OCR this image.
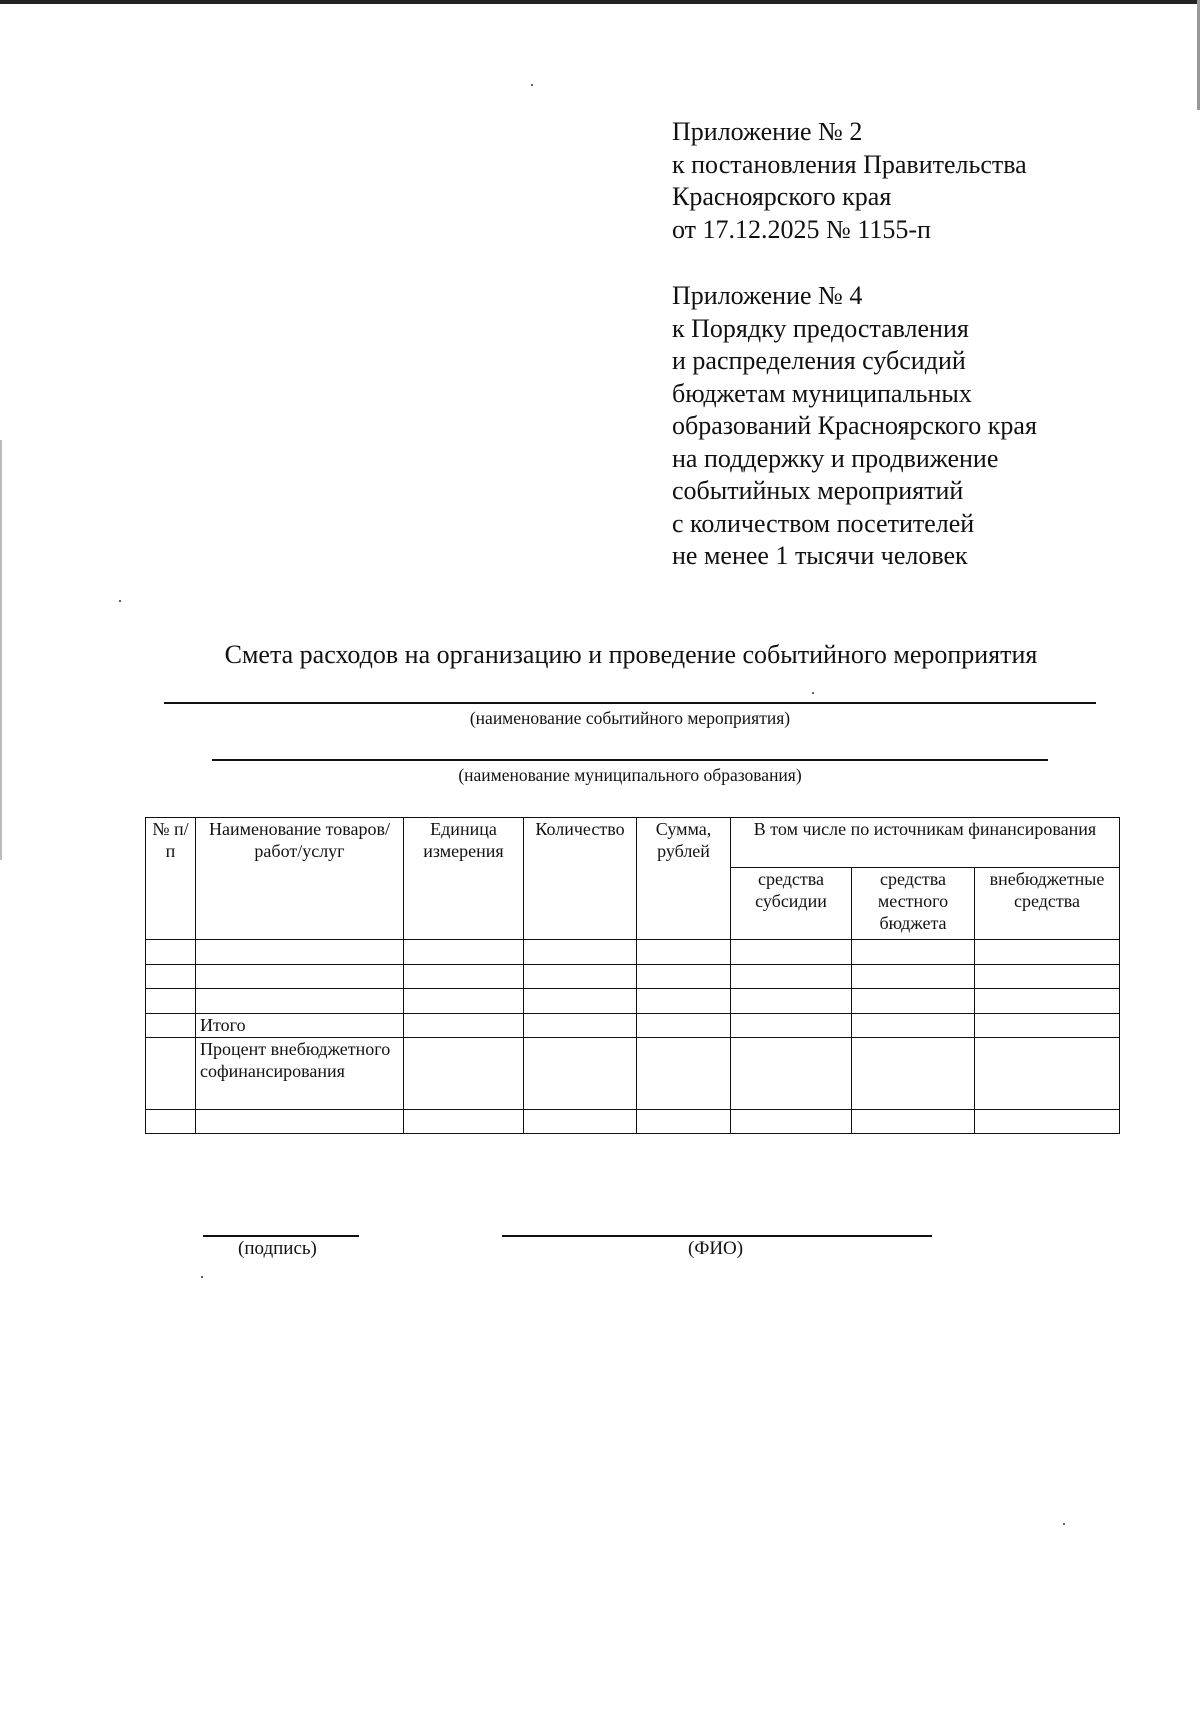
Приложение № 2
к постановления Правительства
Красноярского края
от 17.12.2025 № 1155-п
Приложение № 4
к Порядку предоставления
и распределения субсидий
бюджетам муниципальных
образований Красноярского края
на поддержку и продвижение
событийных мероприятий
с количеством посетителей
не менее 1 тысячи человек
Смета расходов на организацию и проведение событийного мероприятия
(наименование событийного мероприятия)
(наименование муниципального образования)
№ п/п	Наименование товаров/работ/услуг	Единица измерения	Количество	Сумма, рублей	В том числе по источникам финансирования		
					средства субсидии	средства местного бюджета	внебюджетные средства

	Итого						
	Процент внебюджетного софинансирования						

(подпись)	(ФИО)
